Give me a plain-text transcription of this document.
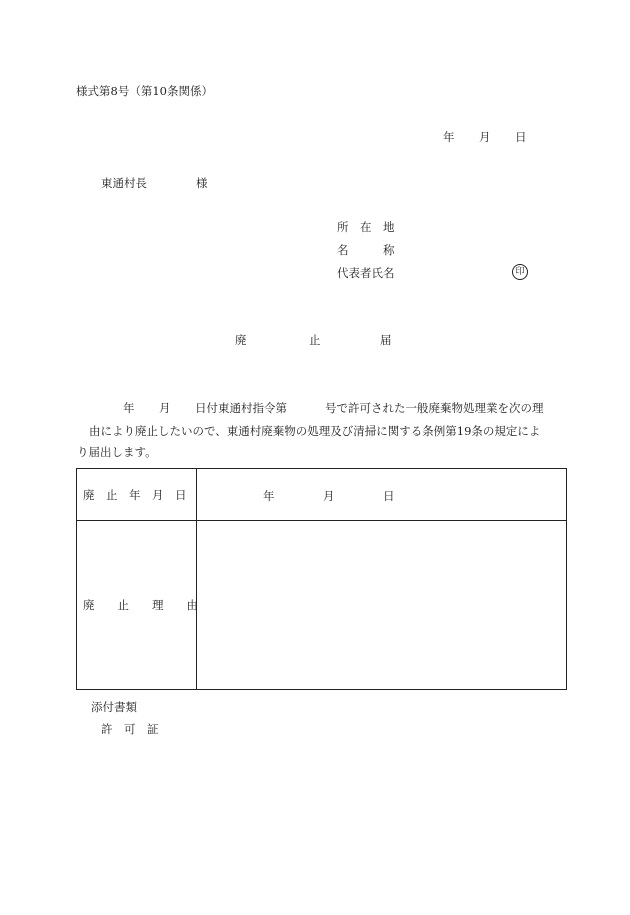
様式第8号（第10条関係）
年 月 日
東通村長	様
所　在　地
名　　　称
代表者氏名	印
廃	止	届
年 月 日付東通村指令第	号で許可された一般廃棄物処理業を次の理
由により廃止したいので、東通村廃棄物の処理及び清掃に関する条例第19条の規定によ
り届出します。
廃　止　年　月　日	年 月 日

廃　　止　　理　　由	

添付書類
許　可　証
